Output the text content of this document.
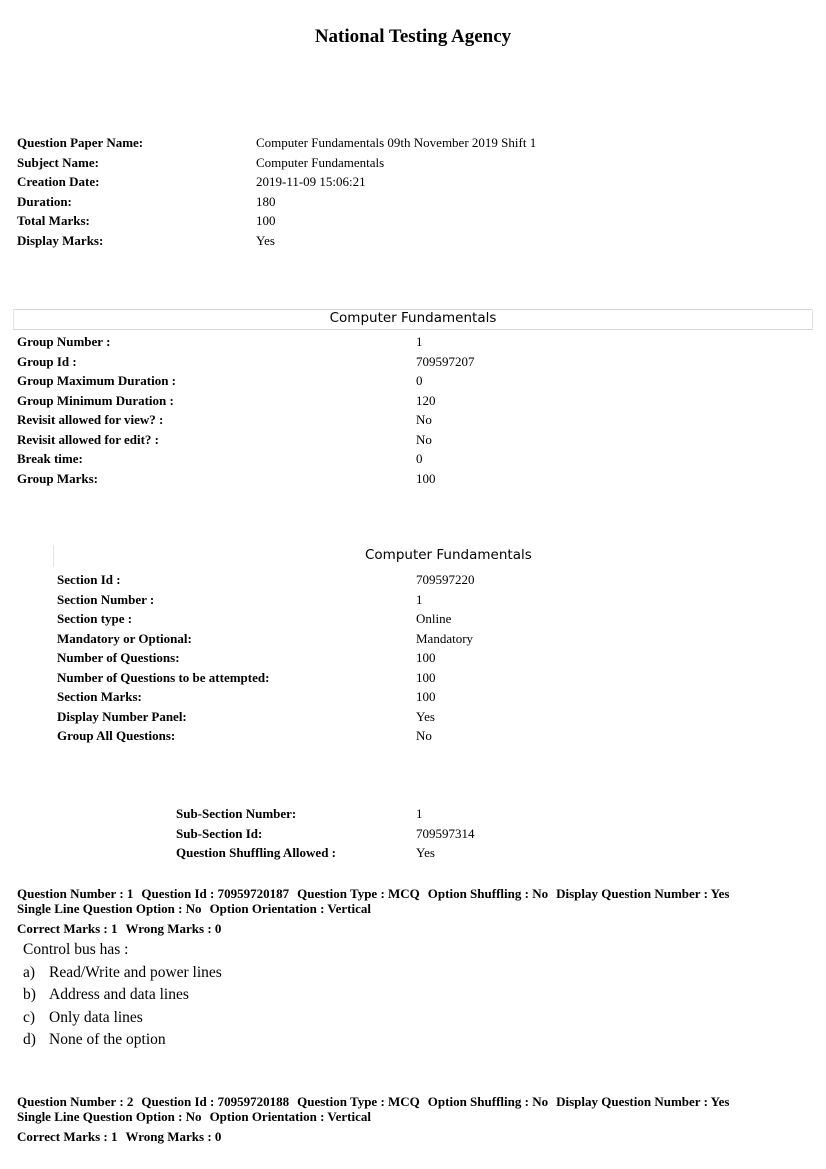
National Testing Agency
Question Paper Name:	Computer Fundamentals 09th November 2019 Shift 1
Subject Name:	Computer Fundamentals
Creation Date:	2019-11-09 15:06:21
Duration:	180
Total Marks:	100
Display Marks:	Yes
Computer Fundamentals
Group Number :	1
Group Id :	709597207
Group Maximum Duration :	0
Group Minimum Duration :	120
Revisit allowed for view? :	No
Revisit allowed for edit? :	No
Break time:	0
Group Marks:	100
Computer Fundamentals
Section Id :	709597220
Section Number :	1
Section type :	Online
Mandatory or Optional:	Mandatory
Number of Questions:	100
Number of Questions to be attempted:	100
Section Marks:	100
Display Number Panel:	Yes
Group All Questions:	No
Sub-Section Number:	1
Sub-Section Id:	709597314
Question Shuffling Allowed :	Yes
Question Number : 1 Question Id : 70959720187 Question Type : MCQ Option Shuffling : No Display Question Number : Yes
Single Line Question Option : No Option Orientation : Vertical
Correct Marks : 1 Wrong Marks : 0
Control bus has :
a) Read/Write and power lines
b) Address and data lines
c) Only data lines
d) None of the option
Question Number : 2 Question Id : 70959720188 Question Type : MCQ Option Shuffling : No Display Question Number : Yes
Single Line Question Option : No Option Orientation : Vertical
Correct Marks : 1 Wrong Marks : 0
